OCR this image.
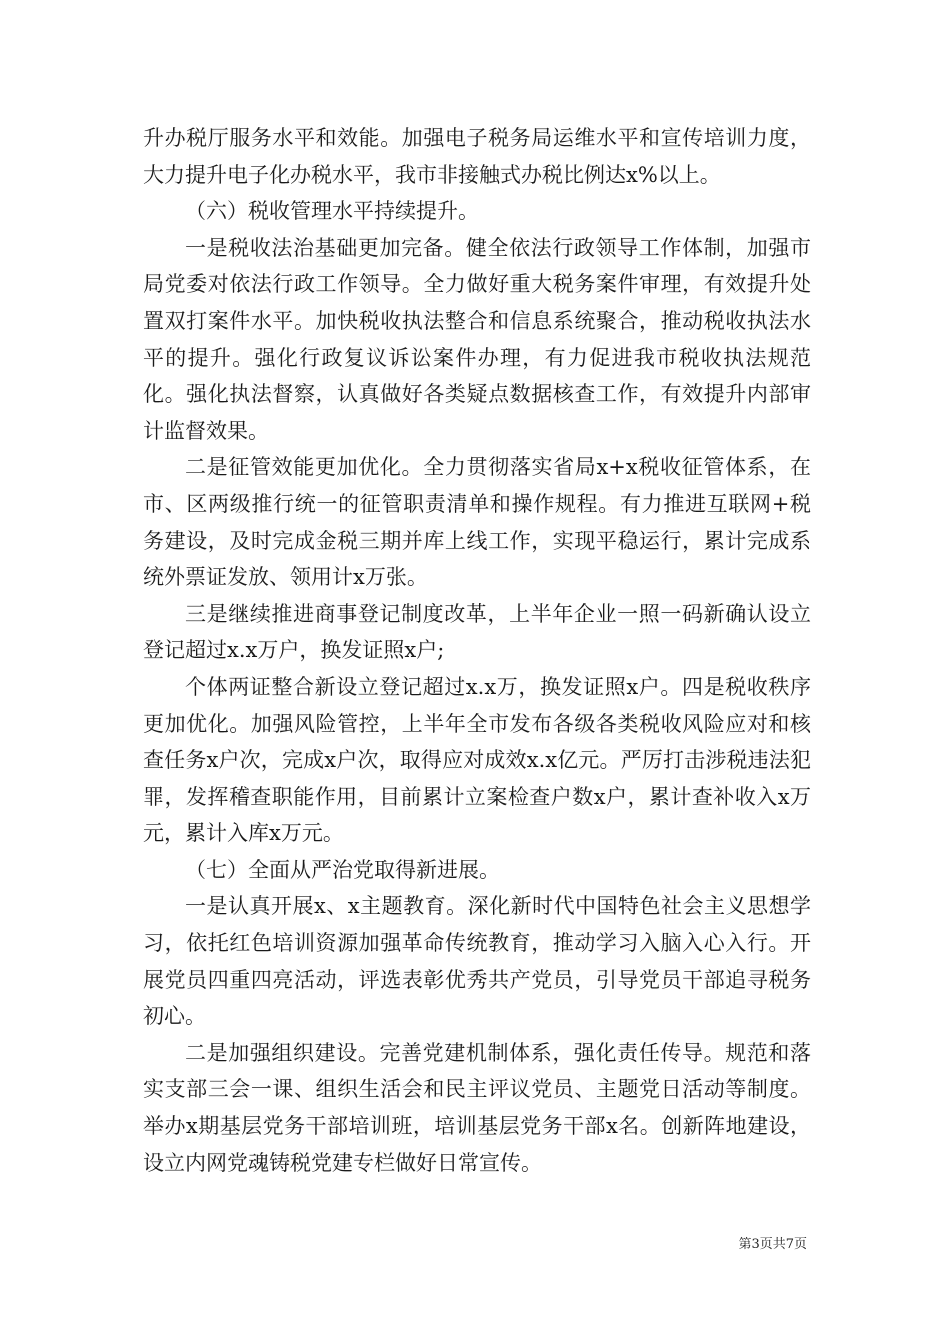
升办税厅服务水平和效能。加强电子税务局运维水平和宣传培训力度，大力提升电子化办税水平，我市非接触式办税比例达x%以上。

（六）税收管理水平持续提升。

一是税收法治基础更加完备。健全依法行政领导工作体制，加强市局党委对依法行政工作领导。全力做好重大税务案件审理，有效提升处置双打案件水平。加快税收执法整合和信息系统聚合，推动税收执法水平的提升。强化行政复议诉讼案件办理，有力促进我市税收执法规范化。强化执法督察，认真做好各类疑点数据核查工作，有效提升内部审计监督效果。

二是征管效能更加优化。全力贯彻落实省局x+x税收征管体系，在市、区两级推行统一的征管职责清单和操作规程。有力推进互联网+税务建设，及时完成金税三期并库上线工作，实现平稳运行，累计完成系统外票证发放、领用计x万张。

三是继续推进商事登记制度改革，上半年企业一照一码新确认设立登记超过x.x万户，换发证照x户;

个体两证整合新设立登记超过x.x万，换发证照x户。四是税收秩序更加优化。加强风险管控，上半年全市发布各级各类税收风险应对和核查任务x户次，完成x户次，取得应对成效x.x亿元。严厉打击涉税违法犯罪，发挥稽查职能作用，目前累计立案检查户数x户，累计查补收入x万元，累计入库x万元。

（七）全面从严治党取得新进展。

一是认真开展x、x主题教育。深化新时代中国特色社会主义思想学习，依托红色培训资源加强革命传统教育，推动学习入脑入心入行。开展党员四重四亮活动，评选表彰优秀共产党员，引导党员干部追寻税务初心。

二是加强组织建设。完善党建机制体系，强化责任传导。规范和落实支部三会一课、组织生活会和民主评议党员、主题党日活动等制度。举办x期基层党务干部培训班，培训基层党务干部x名。创新阵地建设，设立内网党魂铸税党建专栏做好日常宣传。

第3页共7页
